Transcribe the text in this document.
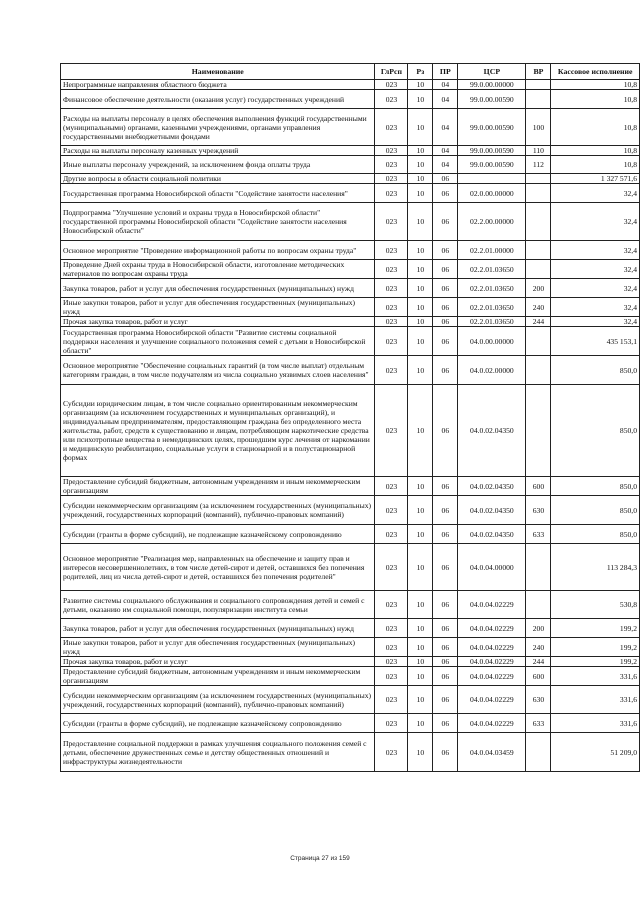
Наименование	ГлРсп	Рз	ПР	ЦСР	ВР	Кассовое исполнение
Непрограммные направления областного бюджета	023	10	04	99.0.00.00000		10,8
Финансовое обеспечение деятельности (оказания услуг) государственных учреждений	023	10	04	99.0.00.00590		10,8
Расходы на выплаты персоналу в целях обеспечения выполнения функций государственными (муниципальными) органами, казенными учреждениями, органами управления государственными внебюджетными фондами	023	10	04	99.0.00.00590	100	10,8
Расходы на выплаты персоналу казенных учреждений	023	10	04	99.0.00.00590	110	10,8
Иные выплаты персоналу учреждений, за исключением фонда оплаты труда	023	10	04	99.0.00.00590	112	10,8
Другие вопросы в области социальной политики	023	10	06			1 327 571,6
Государственная программа Новосибирской области "Содействие занятости населения"	023	10	06	02.0.00.00000		32,4
Подпрограмма "Улучшение условий и охраны труда в Новосибирской области" государственной программы Новосибирской области "Содействие занятости населения Новосибирской области"	023	10	06	02.2.00.00000		32,4
Основное мероприятие "Проведение информационной работы по вопросам охраны труда"	023	10	06	02.2.01.00000		32,4
Проведение Дней охраны труда в Новосибирской области, изготовление методических материалов по вопросам охраны труда	023	10	06	02.2.01.03650		32,4
Закупка товаров, работ и услуг для обеспечения государственных (муниципальных) нужд	023	10	06	02.2.01.03650	200	32,4
Иные закупки товаров, работ и услуг для обеспечения государственных (муниципальных) нужд	023	10	06	02.2.01.03650	240	32,4
Прочая закупка товаров, работ и услуг	023	10	06	02.2.01.03650	244	32,4
Государственная программа Новосибирской области "Развитие системы социальной поддержки населения и улучшение социального положения семей с детьми в Новосибирской области"	023	10	06	04.0.00.00000		435 153,1
Основное мероприятие "Обеспечение социальных гарантий (в том числе выплат) отдельным категориям граждан, в том числе подучателям из числа социально уязвимых слоев населения"	023	10	06	04.0.02.00000		850,0
Субсидии юридическим лицам, в том числе социально ориентированным некоммерческим организациям (за исключением государственных и муниципальных организаций), и индивидуальным предпринимателям, предоставляющим граждана без определенного места жительства, работ, средств к существованию и лицам, потребляющим наркотические средства или психотропные вещества в немедицинских целях, прошедшим курс лечения от наркомании и медицинскую реабилитацию, социальные услуги в стационарной и в полустационарной формах	023	10	06	04.0.02.04350		850,0
Предоставление субсидий бюджетным, автономным учреждениям и иным некоммерческим организациям	023	10	06	04.0.02.04350	600	850,0
Субсидии некоммерческим организациям (за исключением государственных (муниципальных) учреждений, государственных корпораций (компаний), публично-правовых компаний)	023	10	06	04.0.02.04350	630	850,0
Субсидии (гранты в форме субсидий), не подлежащие казначейскому сопровождению	023	10	06	04.0.02.04350	633	850,0
Основное мероприятие "Реализация мер, направленных на обеспечение и защиту прав и интересов несовершеннолетних, в том числе детей-сирот и детей, оставшихся без попечения родителей, лиц из числа детей-сирот и детей, оставшихся без попечения родителей"	023	10	06	04.0.04.00000		113 284,3
Развитие системы социального обслуживания и социального сопровождения детей и семей с детьми, оказанию им социальной помощи, популяризации института семьи	023	10	06	04.0.04.02229		530,8
Закупка товаров, работ и услуг для обеспечения государственных (муниципальных) нужд	023	10	06	04.0.04.02229	200	199,2
Иные закупки товаров, работ и услуг для обеспечения государственных (муниципальных) нужд	023	10	06	04.0.04.02229	240	199,2
Прочая закупка товаров, работ и услуг	023	10	06	04.0.04.02229	244	199,2
Предоставление субсидий бюджетным, автономным учреждениям и иным некоммерческим организациям	023	10	06	04.0.04.02229	600	331,6
Субсидии некоммерческим организациям (за исключением государственных (муниципальных) учреждений, государственных корпораций (компаний), публично-правовых компаний)	023	10	06	04.0.04.02229	630	331,6
Субсидии (гранты в форме субсидий), не подлежащие казначейскому сопровождению	023	10	06	04.0.04.02229	633	331,6
Предоставление социальной поддержки в рамках улучшения социального положения семей с детьми, обеспечение дружественных семье и детству общественных отношений и инфраструктуры жизнедеятельности	023	10	06	04.0.04.03459		51 209,0
Страница 27 из 159
